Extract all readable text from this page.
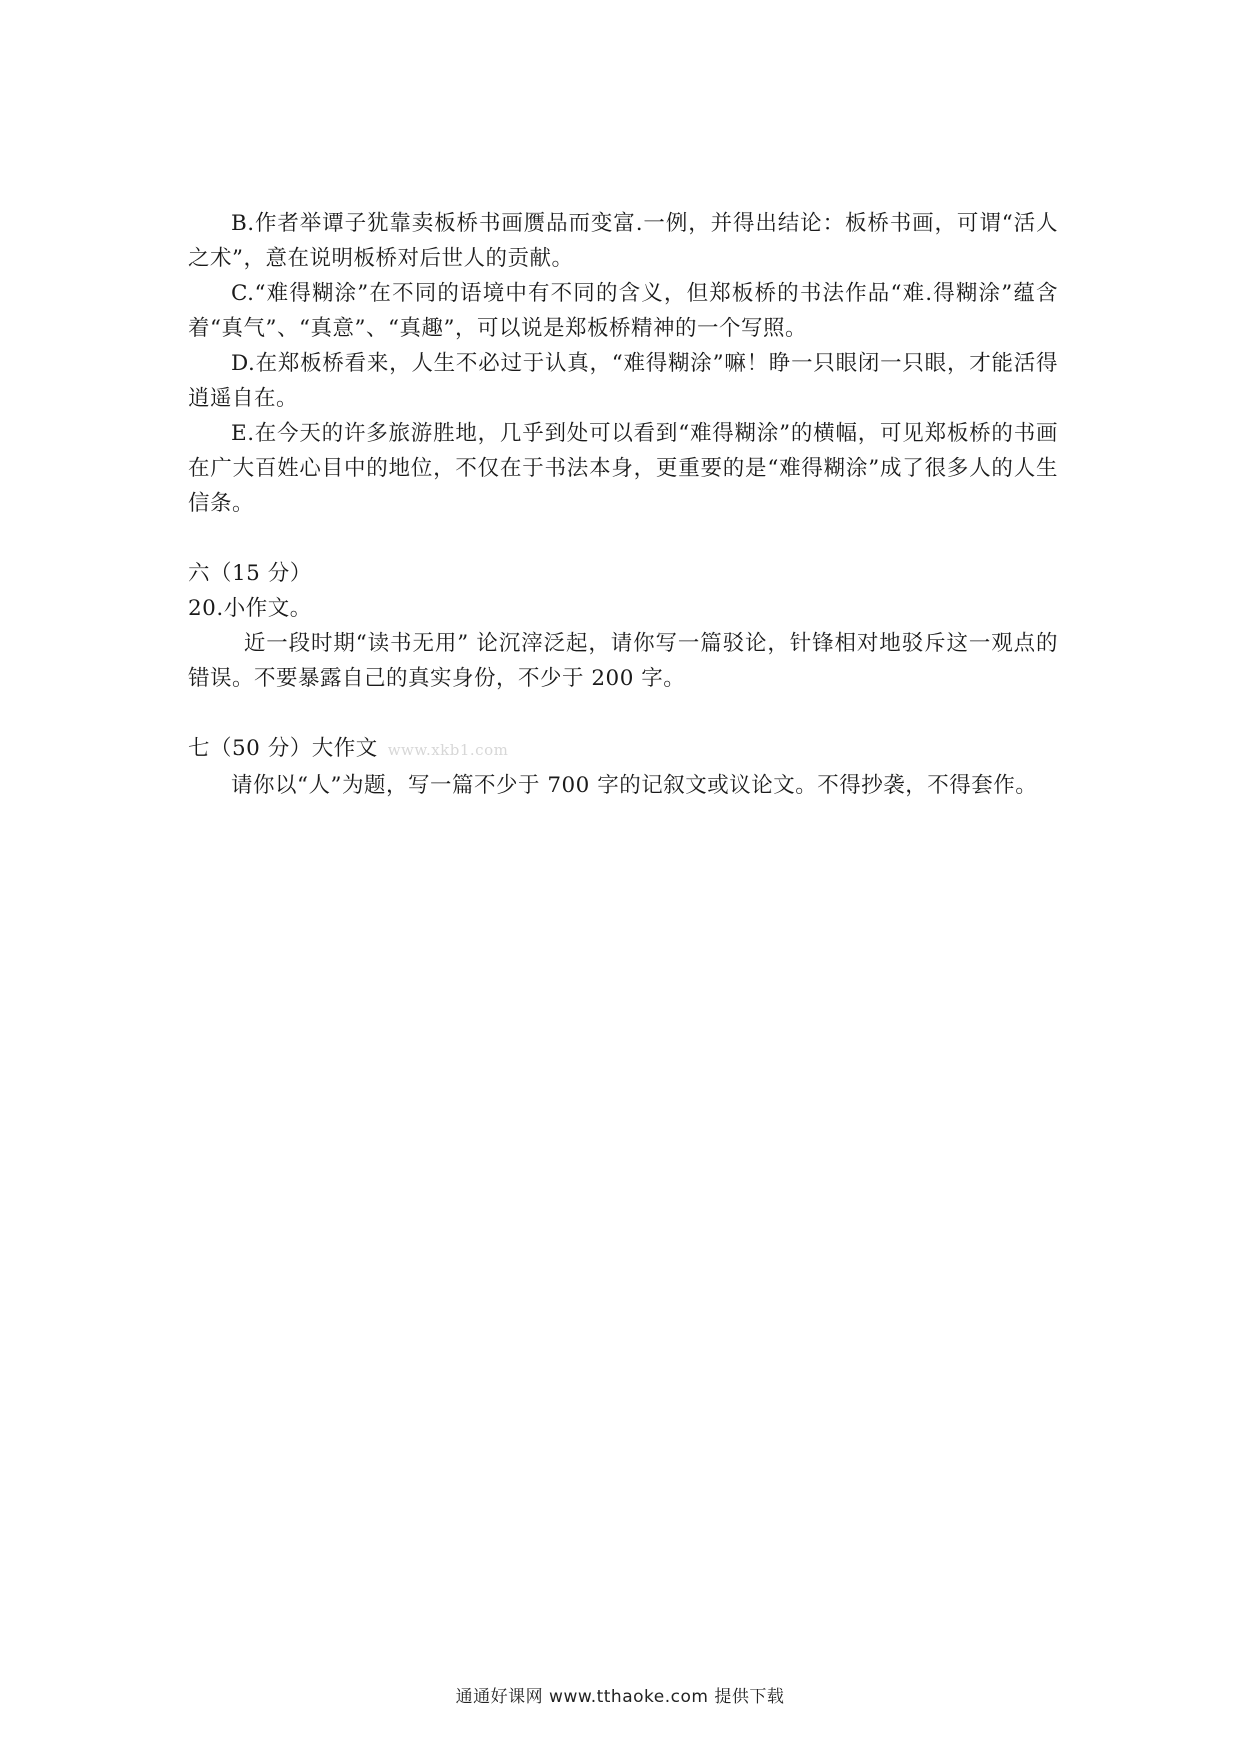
B.作者举谭子犹靠卖板桥书画赝品而变富.一例，并得出结论：板桥书画，可谓“活人之术”，意在说明板桥对后世人的贡献。

C.“难得糊涂”在不同的语境中有不同的含义，但郑板桥的书法作品“难.得糊涂”蕴含着“真气”、“真意”、“真趣”，可以说是郑板桥精神的一个写照。

D.在郑板桥看来，人生不必过于认真，“难得糊涂”嘛！睁一只眼闭一只眼，才能活得逍遥自在。

E.在今天的许多旅游胜地，几乎到处可以看到“难得糊涂”的横幅，可见郑板桥的书画在广大百姓心目中的地位，不仅在于书法本身，更重要的是“难得糊涂”成了很多人的人生信条。

六（15 分）

20.小作文。

近一段时期“读书无用” 论沉滓泛起，请你写一篇驳论，针锋相对地驳斥这一观点的错误。不要暴露自己的真实身份，不少于 200 字。

七（50 分）大作文 www.xkb1.com

请你以“人”为题，写一篇不少于 700 字的记叙文或议论文。不得抄袭，不得套作。

通通好课网 www.tthaoke.com 提供下载
